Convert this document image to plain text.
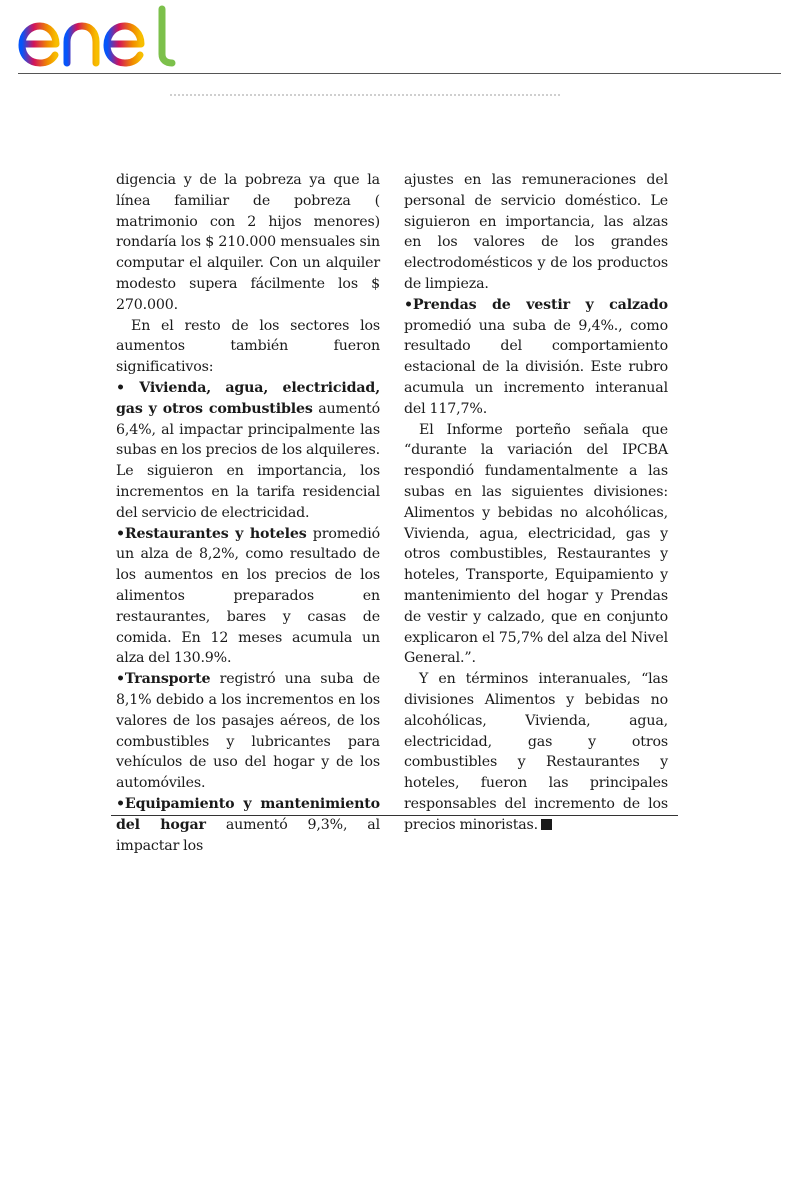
digencia y de la pobreza ya que la línea familiar de pobreza ( matrimonio con 2 hijos menores) rondaría los $ 210.000 mensuales sin computar el alquiler. Con un alquiler modesto supera fácilmente los $ 270.000.

En el resto de los sectores los aumentos también fueron significativos:

• Vivienda, agua, electricidad, gas y otros combustibles aumentó 6,4%, al impactar principalmente las subas en los precios de los alquileres. Le siguieron en importancia, los incrementos en la tarifa residencial del servicio de electricidad.

•Restaurantes y hoteles promedió un alza de 8,2%, como resultado de los aumentos en los precios de los alimentos preparados en restaurantes, bares y casas de comida. En 12 meses acumula un alza del 130.9%.

•Transporte registró una suba de 8,1% debido a los incrementos en los valores de los pasajes aéreos, de los combustibles y lubricantes para vehículos de uso del hogar y de los automóviles.

•Equipamiento y mantenimiento del hogar aumentó 9,3%, al impactar los

ajustes en las remuneraciones del personal de servicio doméstico. Le siguieron en importancia, las alzas en los valores de los grandes electrodomésticos y de los productos de limpieza.

•Prendas de vestir y calzado promedió una suba de 9,4%., como resultado del comportamiento estacional de la división. Este rubro acumula un incremento interanual del 117,7%.

El Informe porteño señala que “durante la variación del IPCBA respondió fundamentalmente a las subas en las siguientes divisiones: Alimentos y bebidas no alcohólicas, Vivienda, agua, electricidad, gas y otros combustibles, Restaurantes y hoteles, Transporte, Equipamiento y mantenimiento del hogar y Prendas de vestir y calzado, que en conjunto explicaron el 75,7% del alza del Nivel General.”.

Y en términos interanuales, “las divisiones Alimentos y bebidas no alcohólicas, Vivienda, agua, electricidad, gas y otros combustibles y Restaurantes y hoteles, fueron las principales responsables del incremento de los precios minoristas.
